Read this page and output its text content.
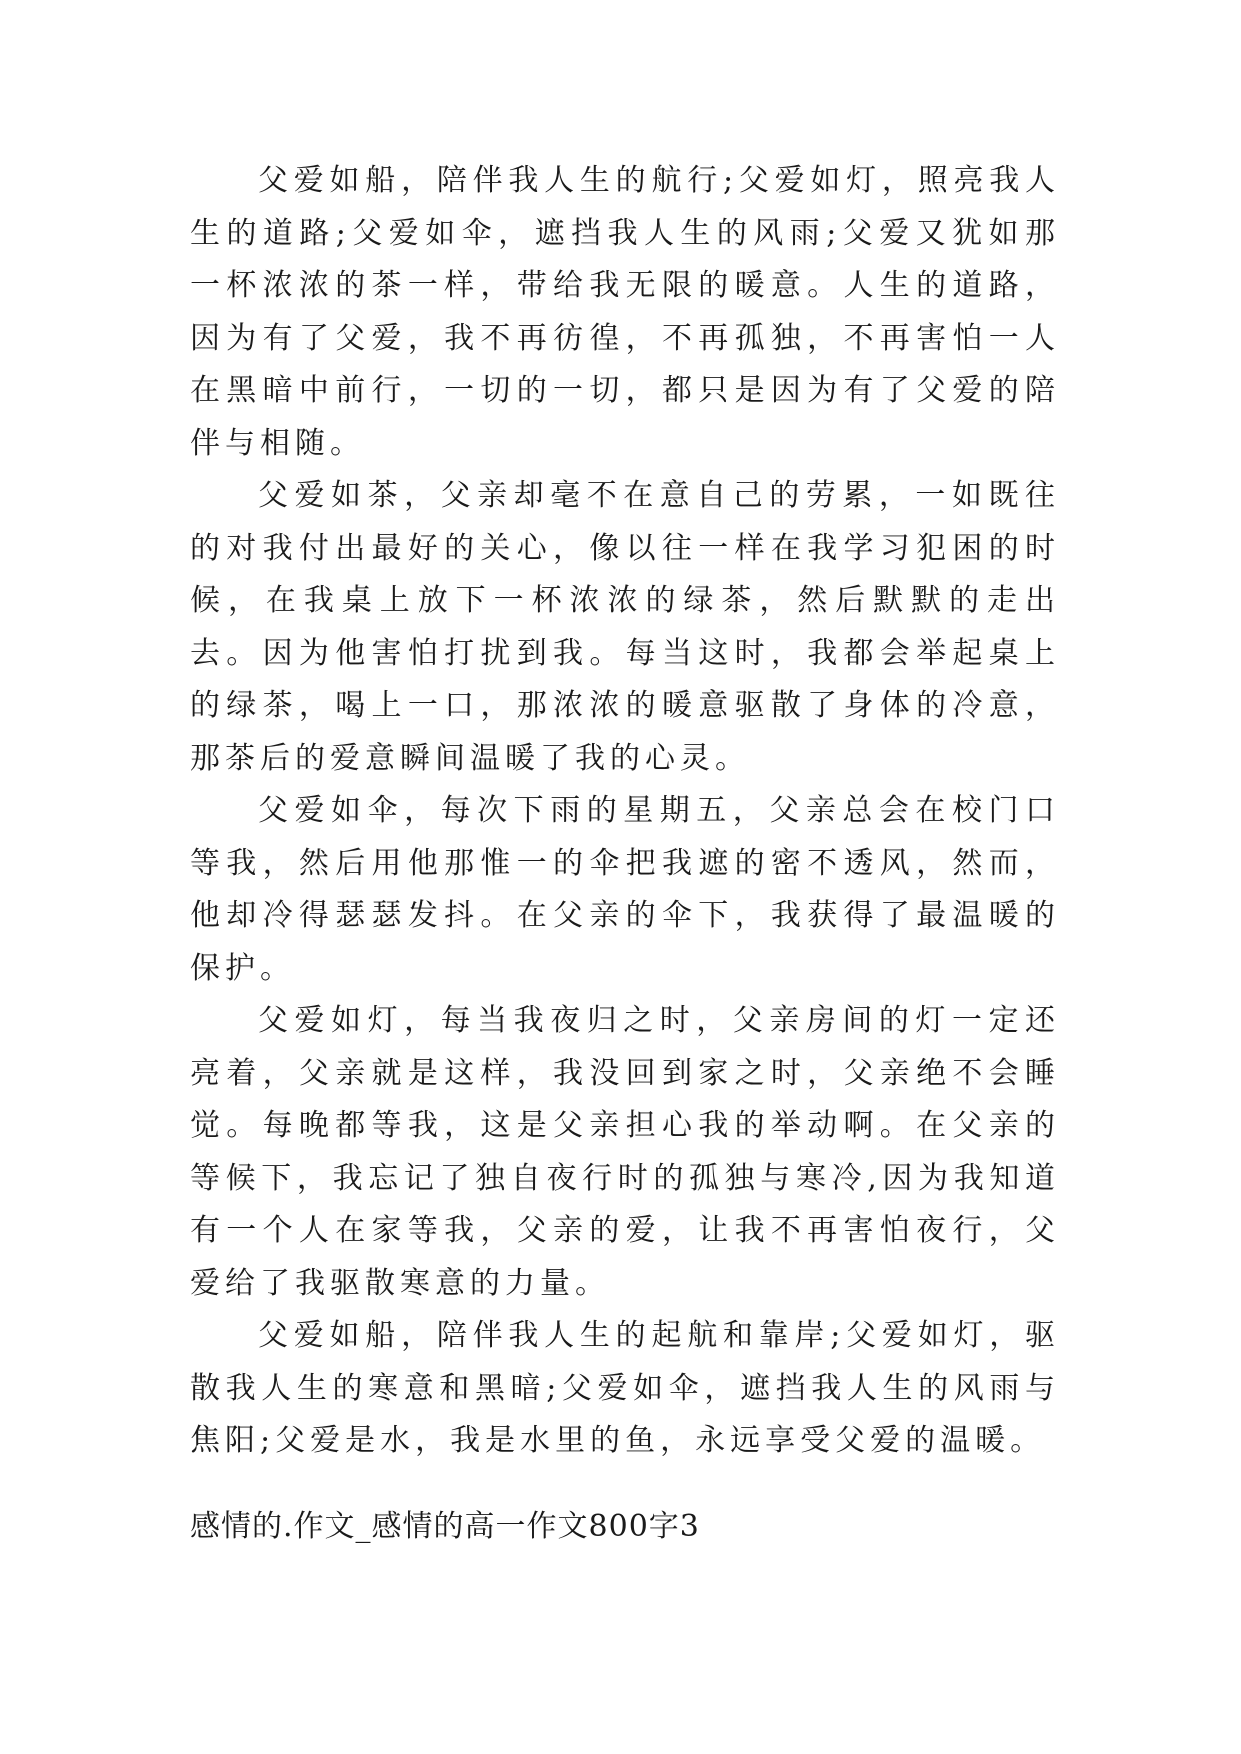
父爱如船，陪伴我人生的航行;父爱如灯，照亮我人生的道路;父爱如伞，遮挡我人生的风雨;父爱又犹如那一杯浓浓的茶一样，带给我无限的暖意。人生的道路，因为有了父爱，我不再彷徨，不再孤独，不再害怕一人在黑暗中前行，一切的一切，都只是因为有了父爱的陪伴与相随。

父爱如茶，父亲却毫不在意自己的劳累，一如既往的对我付出最好的关心，像以往一样在我学习犯困的时候，在我桌上放下一杯浓浓的绿茶，然后默默的走出去。因为他害怕打扰到我。每当这时，我都会举起桌上的绿茶，喝上一口，那浓浓的暖意驱散了身体的冷意，那茶后的爱意瞬间温暖了我的心灵。

父爱如伞，每次下雨的星期五，父亲总会在校门口等我，然后用他那惟一的伞把我遮的密不透风，然而，他却冷得瑟瑟发抖。在父亲的伞下，我获得了最温暖的保护。

父爱如灯，每当我夜归之时，父亲房间的灯一定还亮着，父亲就是这样，我没回到家之时，父亲绝不会睡觉。每晚都等我，这是父亲担心我的举动啊。在父亲的等候下，我忘记了独自夜行时的孤独与寒冷,因为我知道有一个人在家等我，父亲的爱，让我不再害怕夜行，父爱给了我驱散寒意的力量。

父爱如船，陪伴我人生的起航和靠岸;父爱如灯，驱散我人生的寒意和黑暗;父爱如伞，遮挡我人生的风雨与焦阳;父爱是水，我是水里的鱼，永远享受父爱的温暖。

感情的.作文_感情的高一作文800字3
